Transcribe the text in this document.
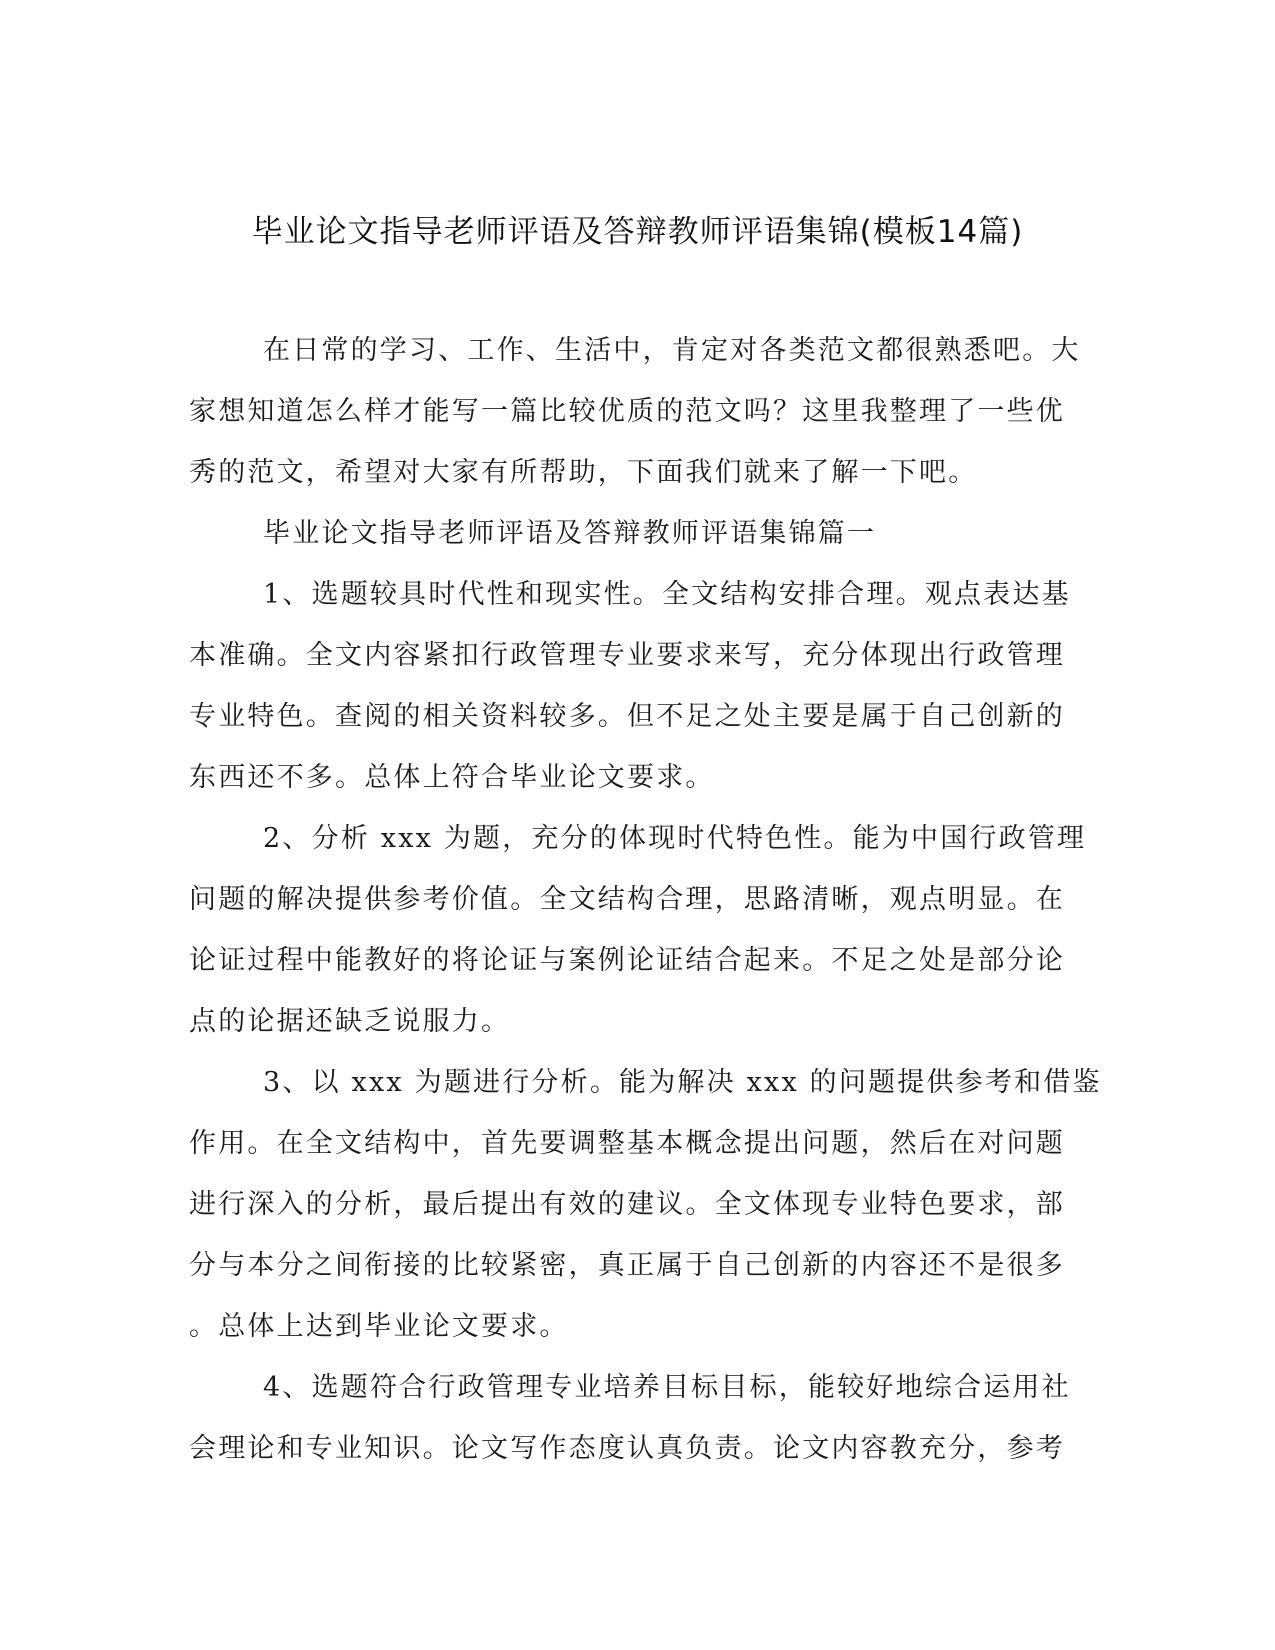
毕业论文指导老师评语及答辩教师评语集锦(模板14篇)
在日常的学习、工作、生活中，肯定对各类范文都很熟悉吧。大
家想知道怎么样才能写一篇比较优质的范文吗？这里我整理了一些优
秀的范文，希望对大家有所帮助，下面我们就来了解一下吧。
毕业论文指导老师评语及答辩教师评语集锦篇一
1、选题较具时代性和现实性。全文结构安排合理。观点表达基
本准确。全文内容紧扣行政管理专业要求来写，充分体现出行政管理
专业特色。查阅的相关资料较多。但不足之处主要是属于自己创新的
东西还不多。总体上符合毕业论文要求。
2、分析 xxx 为题，充分的体现时代特色性。能为中国行政管理
问题的解决提供参考价值。全文结构合理，思路清晰，观点明显。在
论证过程中能教好的将论证与案例论证结合起来。不足之处是部分论
点的论据还缺乏说服力。
3、以 xxx 为题进行分析。能为解决 xxx 的问题提供参考和借鉴
作用。在全文结构中，首先要调整基本概念提出问题，然后在对问题
进行深入的分析，最后提出有效的建议。全文体现专业特色要求，部
分与本分之间衔接的比较紧密，真正属于自己创新的内容还不是很多
。总体上达到毕业论文要求。
4、选题符合行政管理专业培养目标目标，能较好地综合运用社
会理论和专业知识。论文写作态度认真负责。论文内容教充分，参考
